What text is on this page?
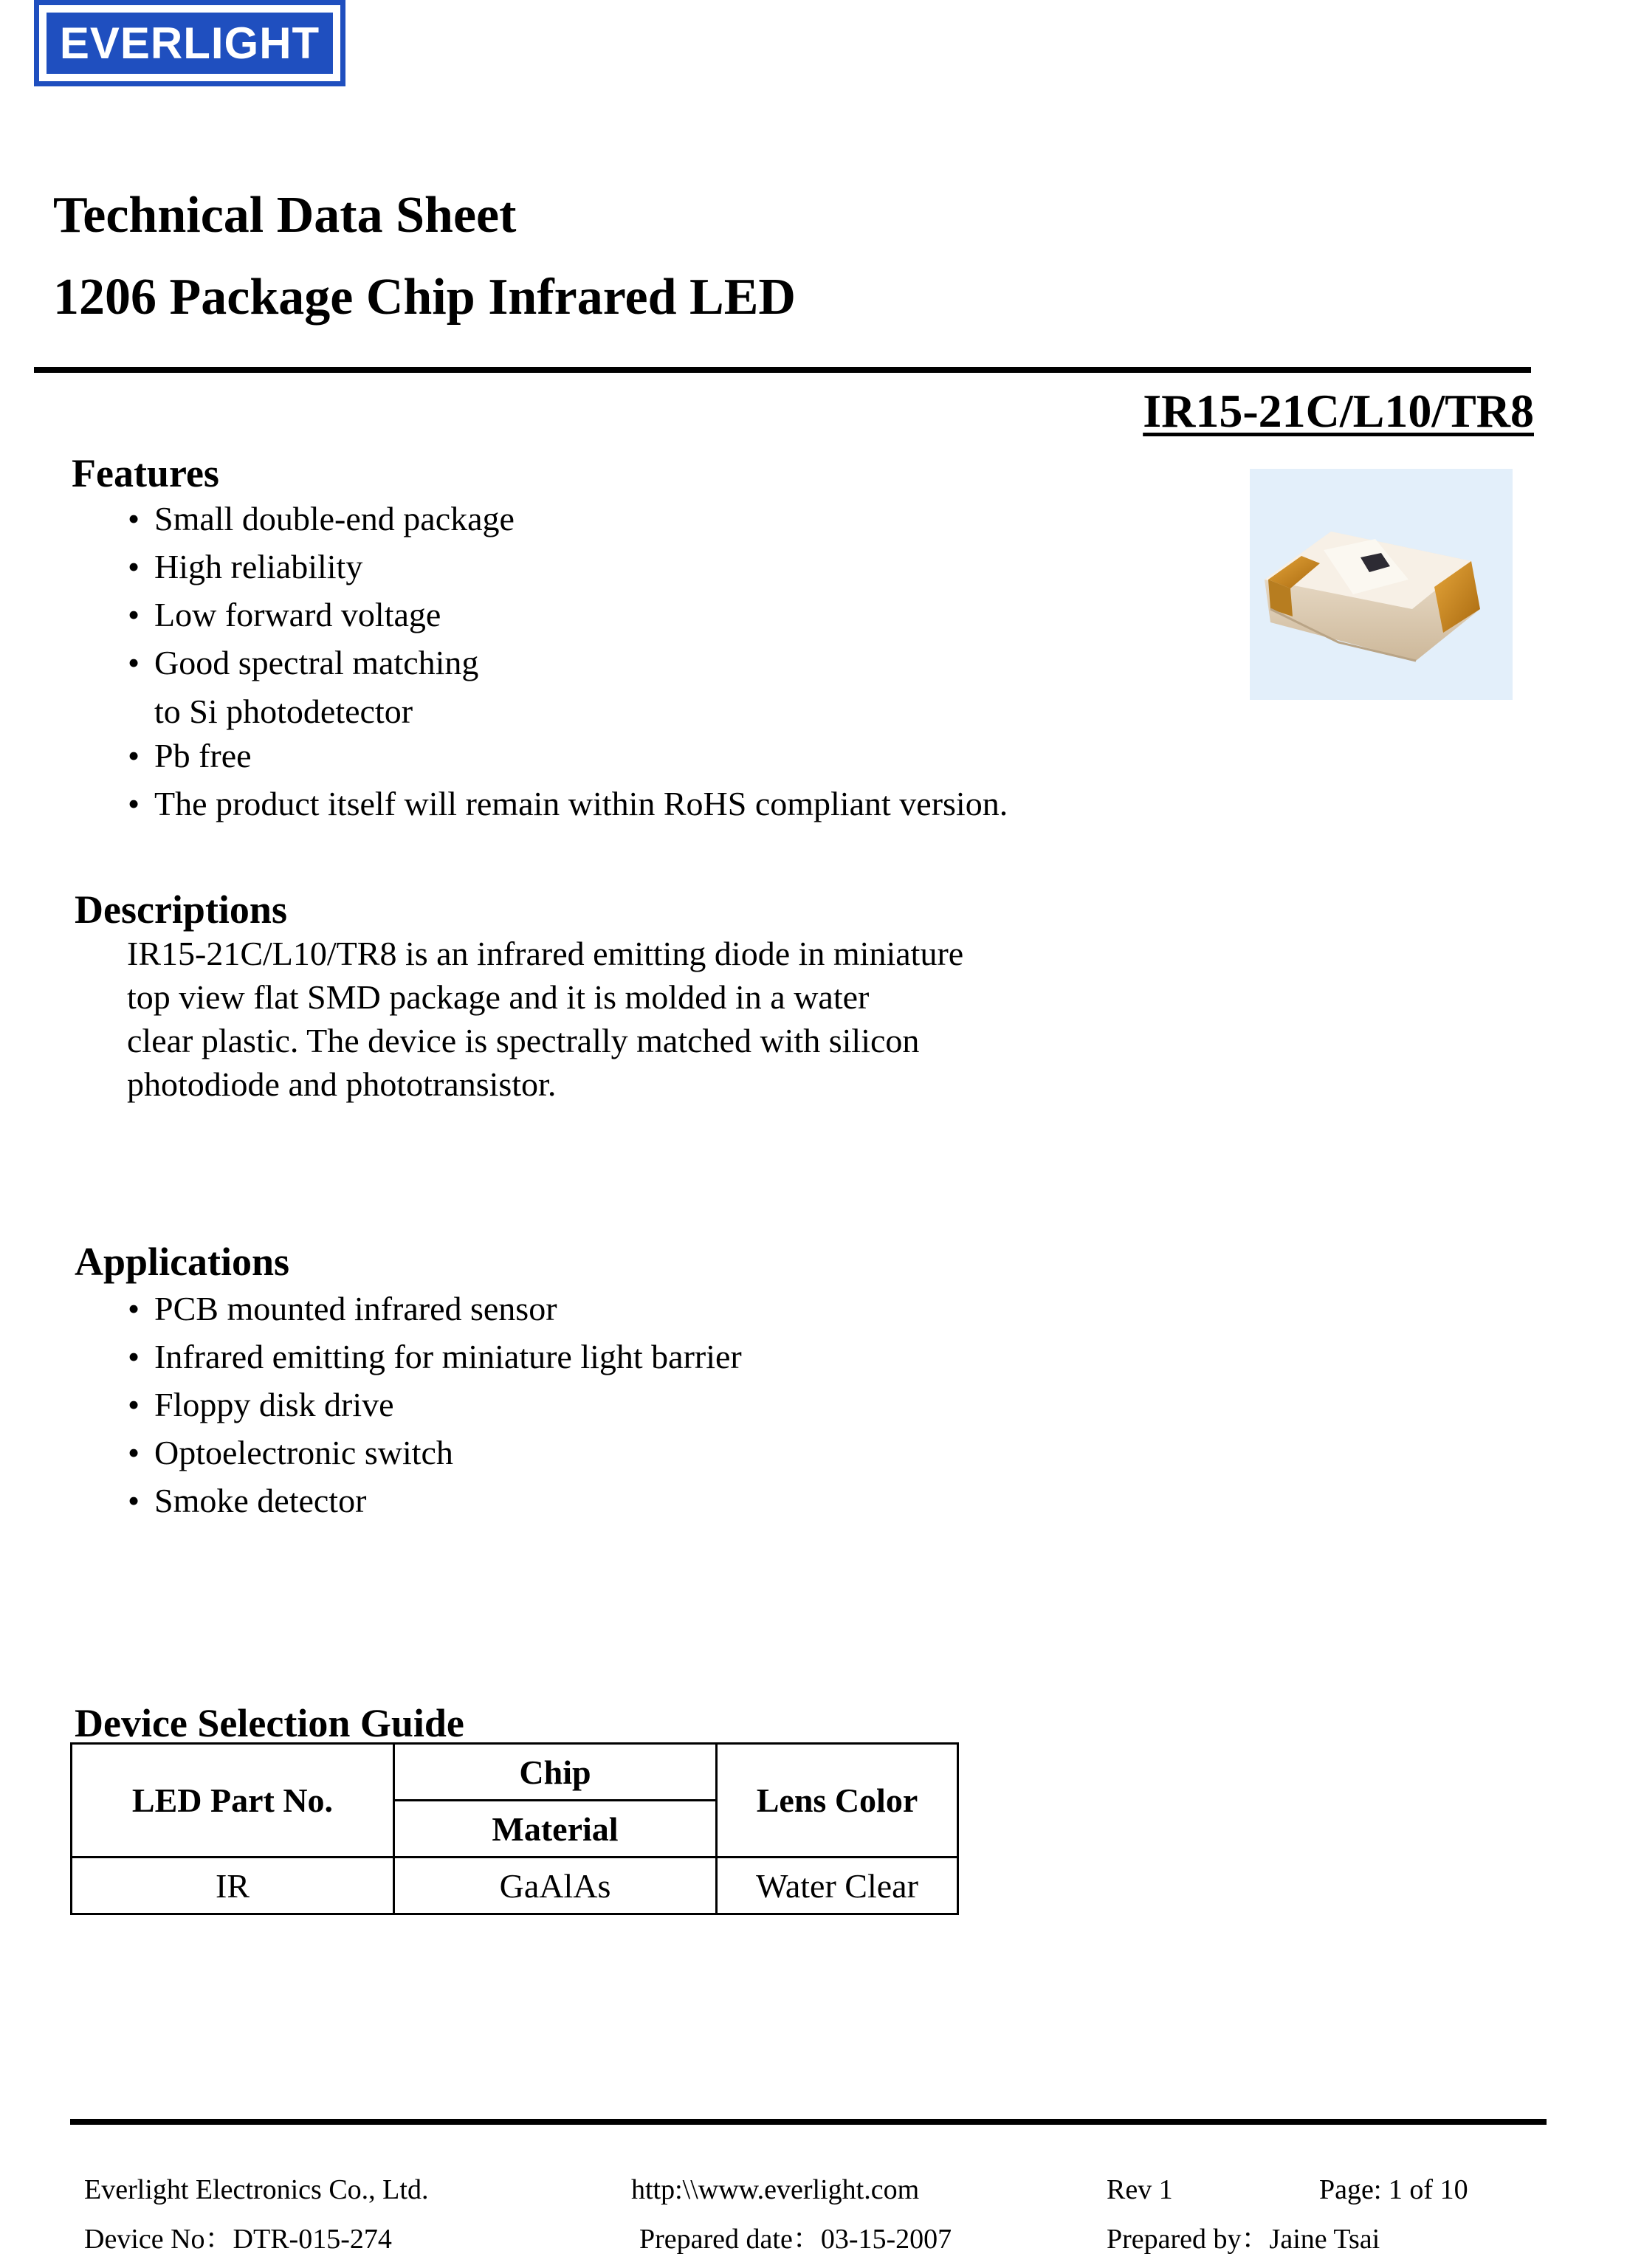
EVERLIGHT
Technical Data Sheet
1206 Package Chip Infrared LED
IR15-21C/L10/TR8
Features
• Small double-end package
• High reliability
• Low forward voltage
• Good spectral matching
to Si photodetector
• Pb free
• The product itself will remain within RoHS compliant version.
Descriptions
IR15-21C/L10/TR8 is an infrared emitting diode in miniature
top view flat SMD package and it is molded in a water
clear plastic. The device is spectrally matched with silicon
photodiode and phototransistor.
Applications
• PCB mounted infrared sensor
• Infrared emitting for miniature light barrier
• Floppy disk drive
• Optoelectronic switch
• Smoke detector
Device Selection Guide
LED Part No.	Chip	Lens Color
	Material	
IR	GaAlAs	Water Clear
Everlight Electronics Co., Ltd.	http:\\www.everlight.com	Rev 1	Page: 1 of 10
Device No：DTR-015-274	Prepared date：03-15-2007	Prepared by：Jaine Tsai
